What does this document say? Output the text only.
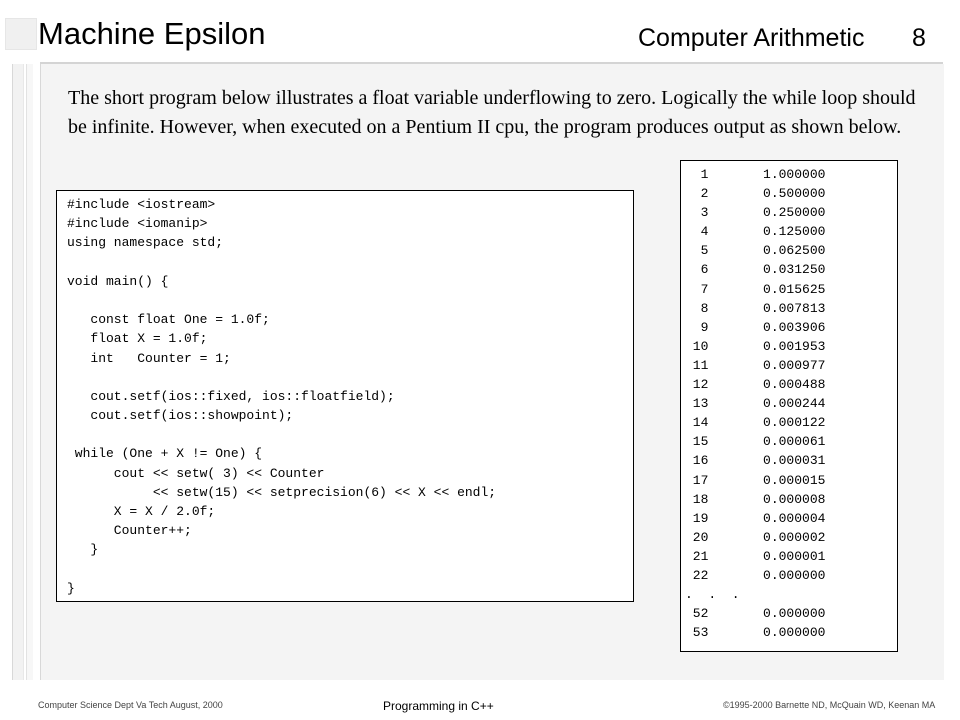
Machine Epsilon	Computer Arithmetic 8
The short program below illustrates a float variable underflowing to zero. Logically the while loop should be infinite. However, when executed on a Pentium II cpu, the program produces output as shown below.
#include <iostream>
#include <iomanip>
using namespace std;
void main() {
const float One = 1.0f;
float X = 1.0f;
int   Counter = 1;
cout.setf(ios::fixed, ios::floatfield);
cout.setf(ios::showpoint);
while (One + X != One) {
cout << setw( 3) << Counter
<< setw(15) << setprecision(6) << X << endl;
X = X / 2.0f;
Counter++;
}
}
1       1.000000
2       0.500000
3       0.250000
4       0.125000
5       0.062500
6       0.031250
7       0.015625
8       0.007813
9       0.003906
10       0.001953
11       0.000977
12       0.000488
13       0.000244
14       0.000122
15       0.000061
16       0.000031
17       0.000015
18       0.000008
19       0.000004
20       0.000002
21       0.000001
22       0.000000
.  .  .
52       0.000000
53       0.000000
Computer Science Dept Va Tech August, 2000	Programming in C++	©1995-2000 Barnette ND, McQuain WD, Keenan MA
